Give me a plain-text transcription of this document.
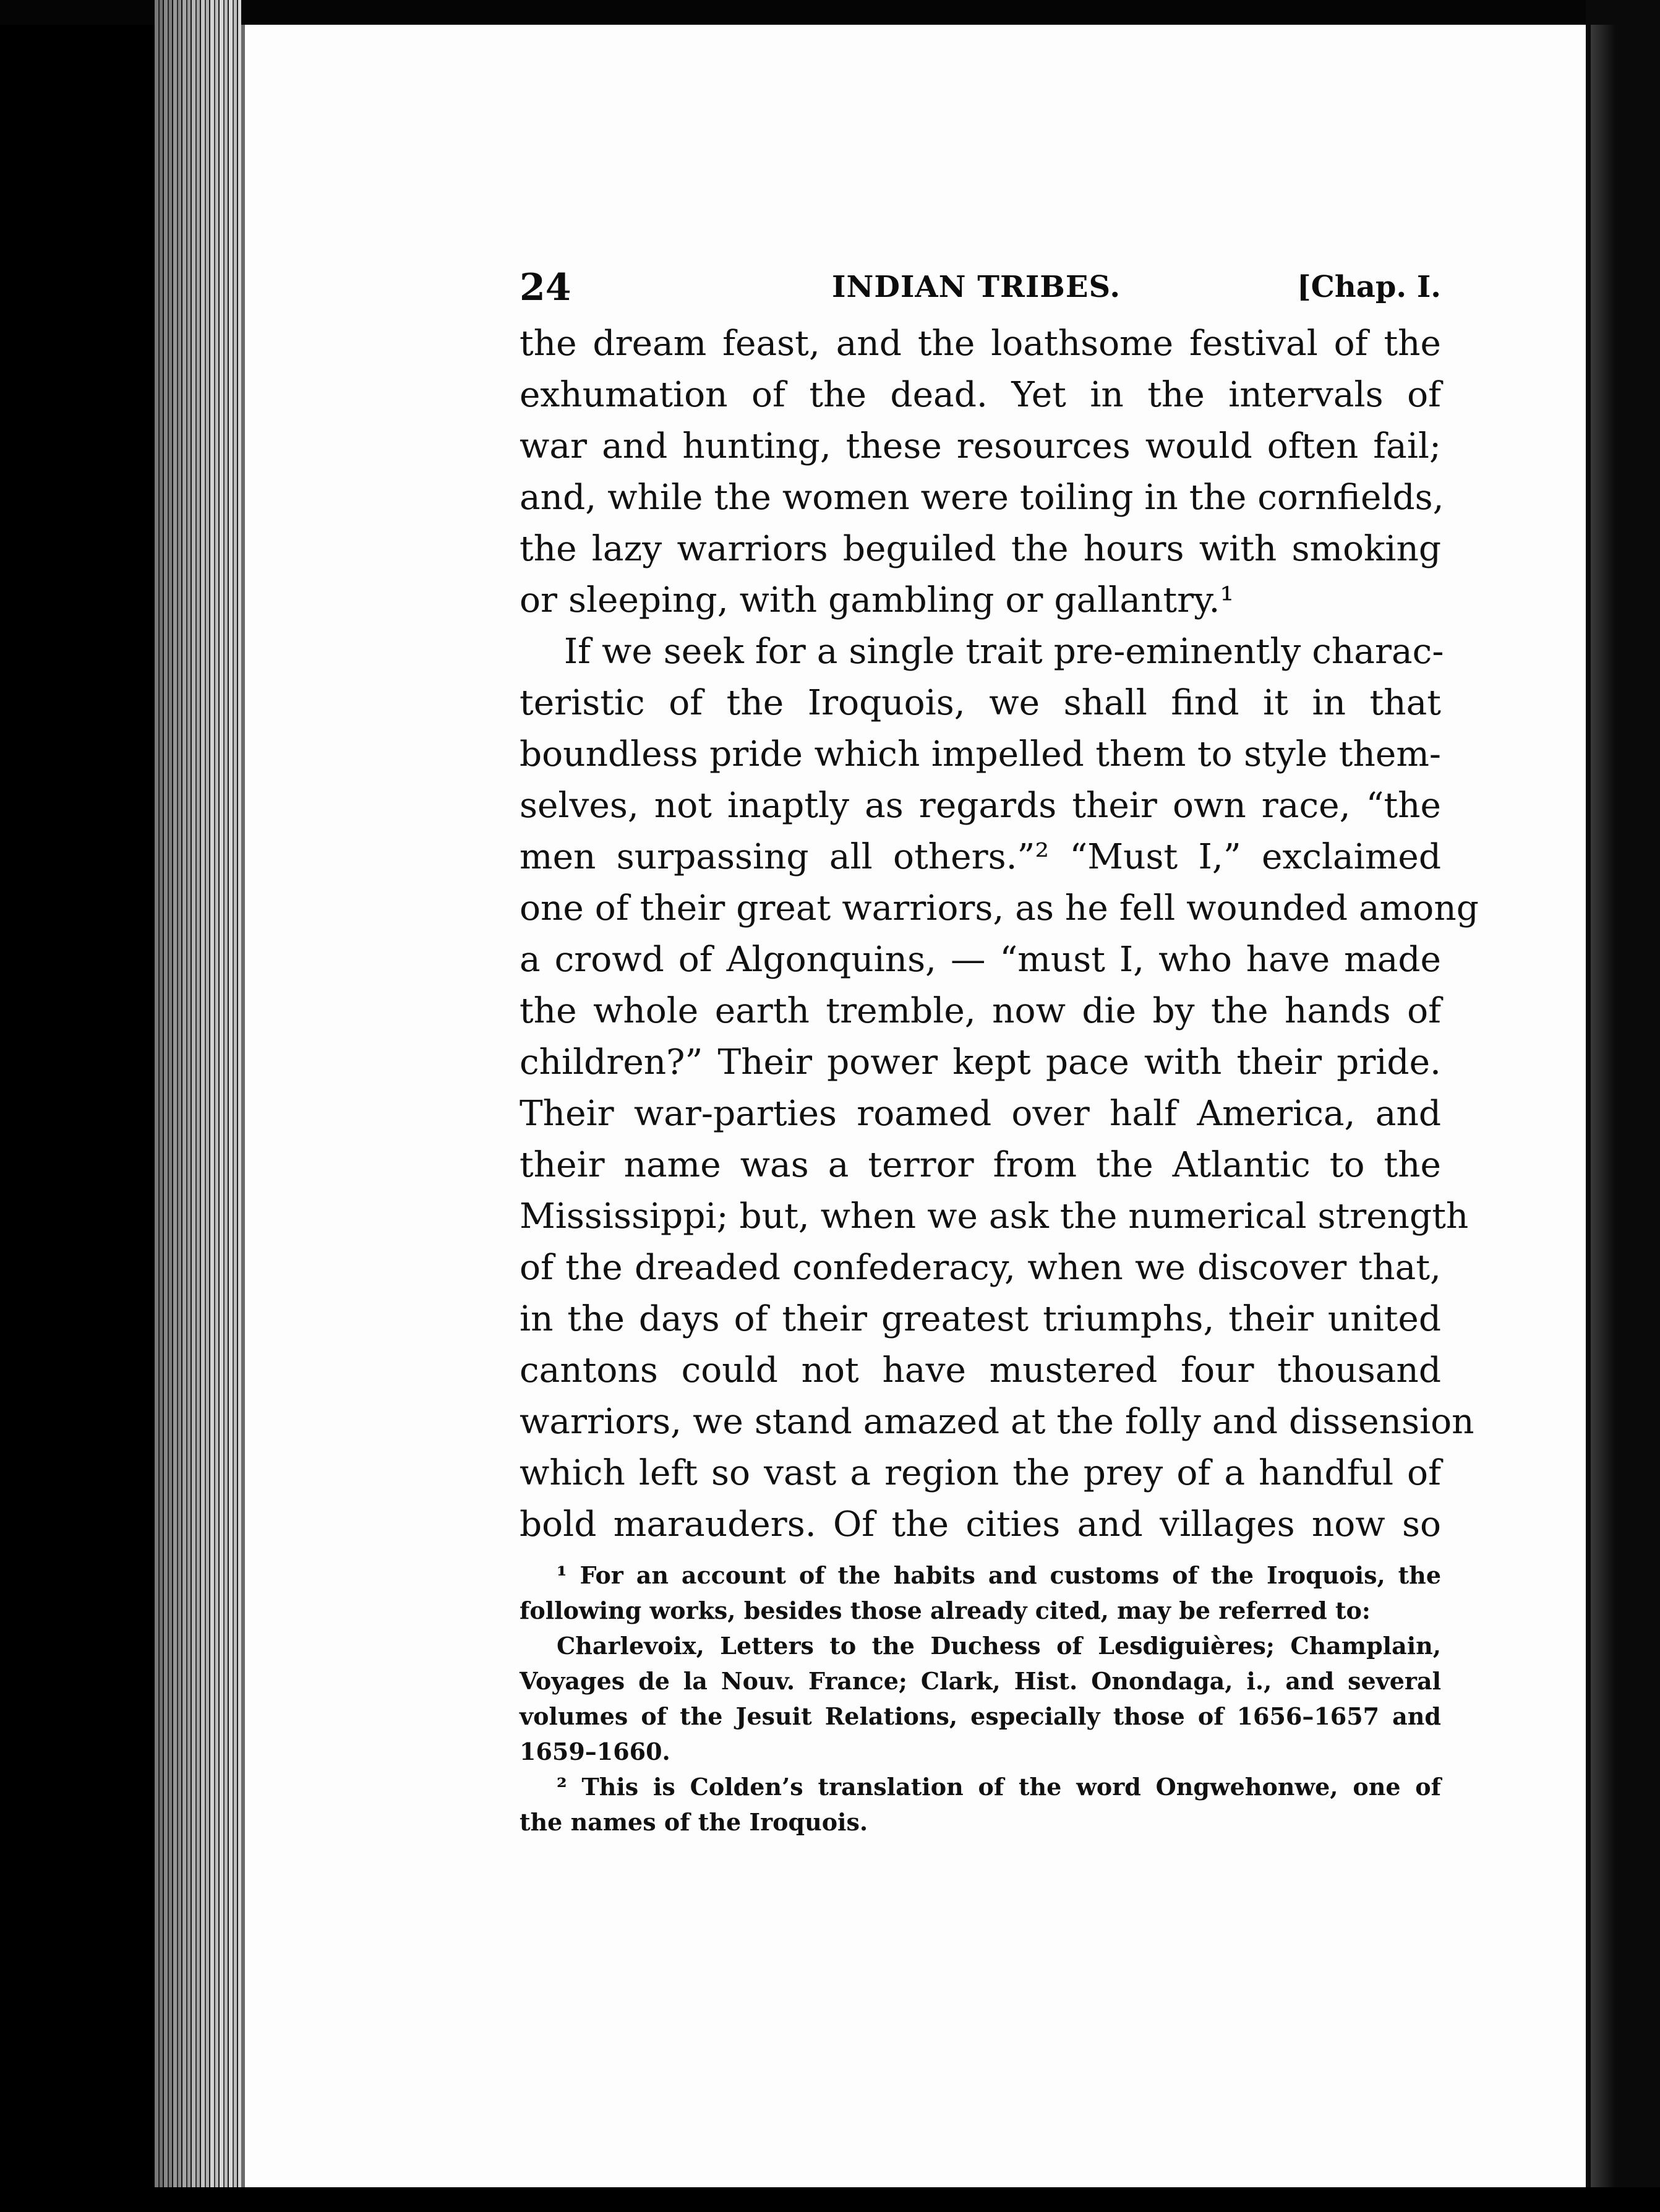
24	INDIAN TRIBES.	[Chap. I.
the dream feast, and the loathsome festival of the
exhumation of the dead. Yet in the intervals of
war and hunting, these resources would often fail;
and, while the women were toiling in the cornfields,
the lazy warriors beguiled the hours with smoking
or sleeping, with gambling or gallantry.¹
If we seek for a single trait pre-eminently charac-
teristic of the Iroquois, we shall find it in that
boundless pride which impelled them to style them-
selves, not inaptly as regards their own race, “the
men surpassing all others.”² “Must I,” exclaimed
one of their great warriors, as he fell wounded among
a crowd of Algonquins, — “must I, who have made
the whole earth tremble, now die by the hands of
children?” Their power kept pace with their pride.
Their war-parties roamed over half America, and
their name was a terror from the Atlantic to the
Mississippi; but, when we ask the numerical strength
of the dreaded confederacy, when we discover that,
in the days of their greatest triumphs, their united
cantons could not have mustered four thousand
warriors, we stand amazed at the folly and dissension
which left so vast a region the prey of a handful of
bold marauders. Of the cities and villages now so
¹ For an account of the habits and customs of the Iroquois, the
following works, besides those already cited, may be referred to:
Charlevoix, Letters to the Duchess of Lesdiguières; Champlain,
Voyages de la Nouv. France; Clark, Hist. Onondaga, i., and several
volumes of the Jesuit Relations, especially those of 1656–1657 and
1659–1660.
² This is Colden’s translation of the word Ongwehonwe, one of
the names of the Iroquois.
